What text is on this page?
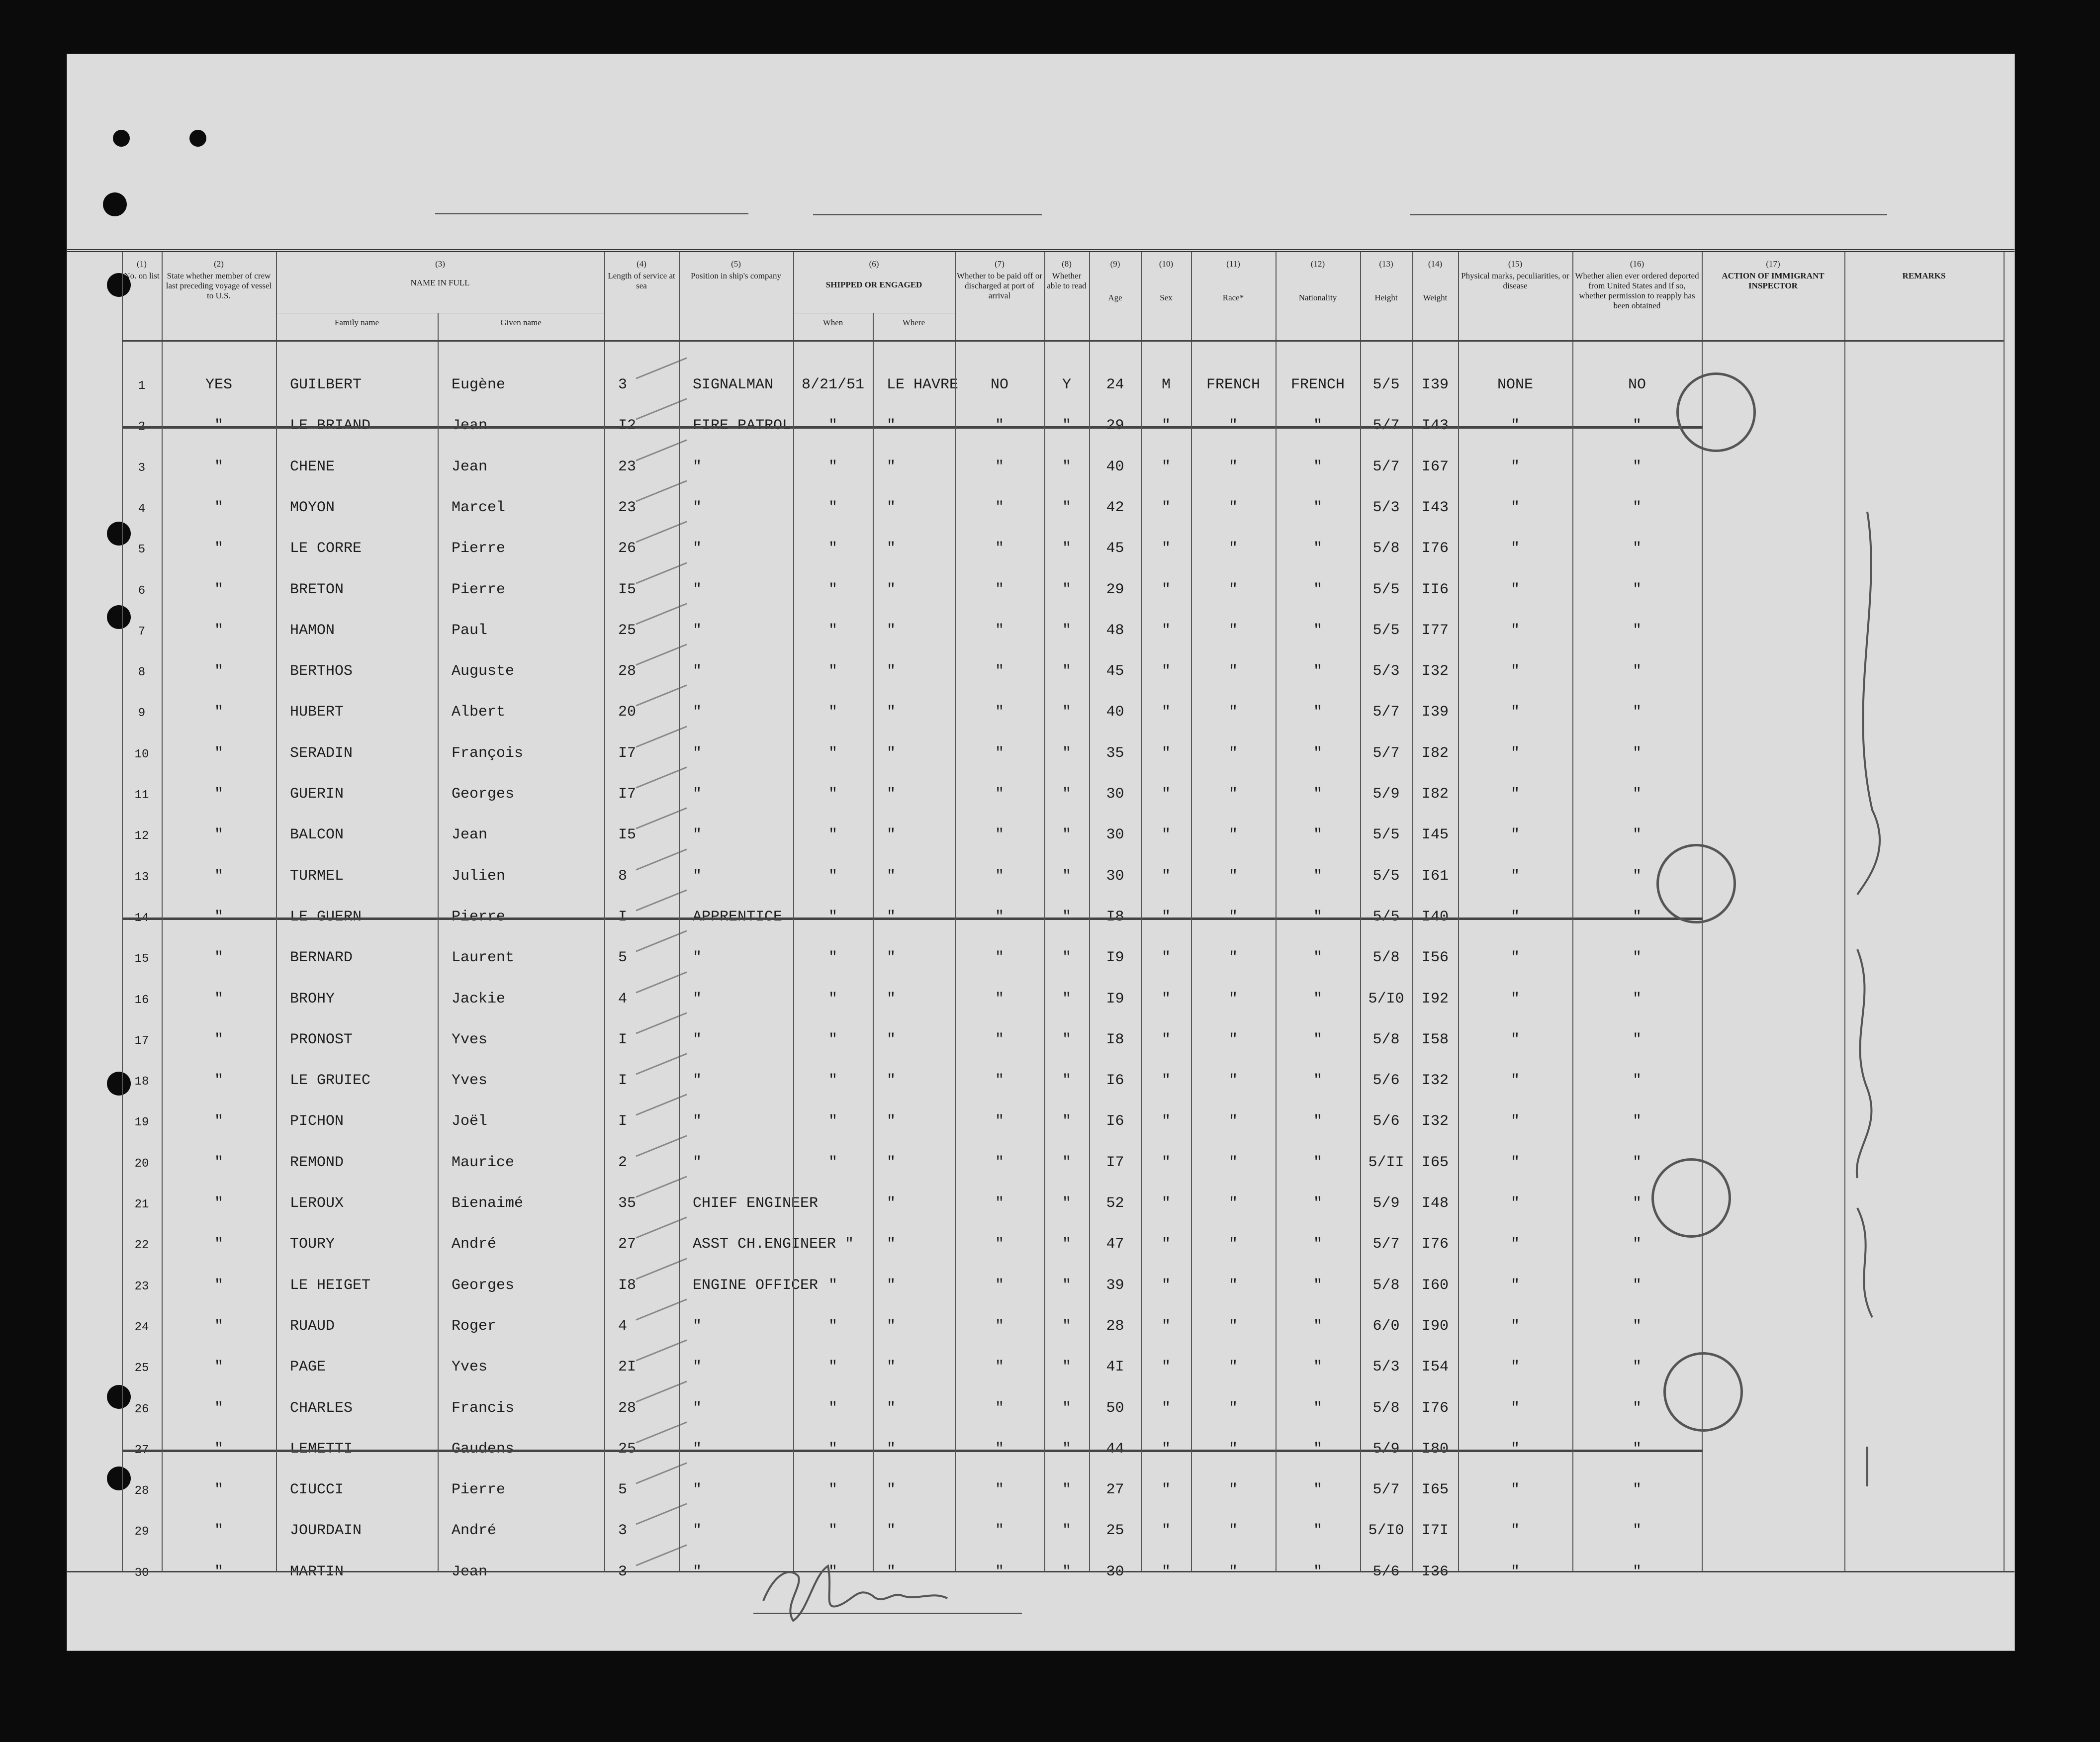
(1)
No. on list
(2)
State whether member of crew last preceding voyage of vessel to U.S.
(4)
Length of service at sea
(5)
Position in ship's company
(7)
Whether to be paid off or discharged at port of arrival
(8)
Whether able to read
(9)
Age
(10)
Sex
(11)
Race*
(12)
Nationality
(13)
Height
(14)
Weight
(15)
Physical marks, peculiarities, or disease
(16)
Whether alien ever ordered deported from United States and if so, whether permission to reapply has been obtained
(17)
ACTION OF IMMIGRANT INSPECTOR
REMARKS
(3)
NAME IN FULL
Family name	Given name
(6)
SHIPPED OR ENGAGED
When	Where
1	YES	GUILBERT	Eugène	3	SIGNALMAN	8/21/51	LE HAVRE	NO	Y	24	M	FRENCH	FRENCH	5/5	I39	NONE	NO
2	"	LE BRIAND	Jean	I2	FIRE PATROL	"	"	"	"	29	"	"	"	5/7	I43	"	"
3	"	CHENE	Jean	23	"	"	"	"	"	40	"	"	"	5/7	I67	"	"
4	"	MOYON	Marcel	23	"	"	"	"	"	42	"	"	"	5/3	I43	"	"
5	"	LE CORRE	Pierre	26	"	"	"	"	"	45	"	"	"	5/8	I76	"	"
6	"	BRETON	Pierre	I5	"	"	"	"	"	29	"	"	"	5/5	II6	"	"
7	"	HAMON	Paul	25	"	"	"	"	"	48	"	"	"	5/5	I77	"	"
8	"	BERTHOS	Auguste	28	"	"	"	"	"	45	"	"	"	5/3	I32	"	"
9	"	HUBERT	Albert	20	"	"	"	"	"	40	"	"	"	5/7	I39	"	"
10	"	SERADIN	François	I7	"	"	"	"	"	35	"	"	"	5/7	I82	"	"
11	"	GUERIN	Georges	I7	"	"	"	"	"	30	"	"	"	5/9	I82	"	"
12	"	BALCON	Jean	I5	"	"	"	"	"	30	"	"	"	5/5	I45	"	"
13	"	TURMEL	Julien	8	"	"	"	"	"	30	"	"	"	5/5	I61	"	"
14	"	LE GUERN	Pierre	I	APPRENTICE	"	"	"	"	I8	"	"	"	5/5	I40	"	"
15	"	BERNARD	Laurent	5	"	"	"	"	"	I9	"	"	"	5/8	I56	"	"
16	"	BROHY	Jackie	4	"	"	"	"	"	I9	"	"	"	5/I0	I92	"	"
17	"	PRONOST	Yves	I	"	"	"	"	"	I8	"	"	"	5/8	I58	"	"
18	"	LE GRUIEC	Yves	I	"	"	"	"	"	I6	"	"	"	5/6	I32	"	"
19	"	PICHON	Joël	I	"	"	"	"	"	I6	"	"	"	5/6	I32	"	"
20	"	REMOND	Maurice	2	"	"	"	"	"	I7	"	"	"	5/II	I65	"	"
21	"	LEROUX	Bienaimé	35	CHIEF ENGINEER	"	"	"	52	"	"	"	5/9	I48	"	"
22	"	TOURY	André	27	ASST CH.ENGINEER "	"	"	"	47	"	"	"	5/7	I76	"	"
23	"	LE HEIGET	Georges	I8	ENGINE OFFICER "	"	"	"	39	"	"	"	5/8	I60	"	"
24	"	RUAUD	Roger	4	"	"	"	"	"	28	"	"	"	6/0	I90	"	"
25	"	PAGE	Yves	2I	"	"	"	"	"	4I	"	"	"	5/3	I54	"	"
26	"	CHARLES	Francis	28	"	"	"	"	"	50	"	"	"	5/8	I76	"	"
27	"	LEMETTI	Gaudens	25	"	"	"	"	"	44	"	"	"	5/9	I80	"	"
28	"	CIUCCI	Pierre	5	"	"	"	"	"	27	"	"	"	5/7	I65	"	"
29	"	JOURDAIN	André	3	"	"	"	"	"	25	"	"	"	5/I0	I7I	"	"
30	"	MARTIN	Jean	3	"	"	"	"	"	30	"	"	"	5/6	I36	"	"
